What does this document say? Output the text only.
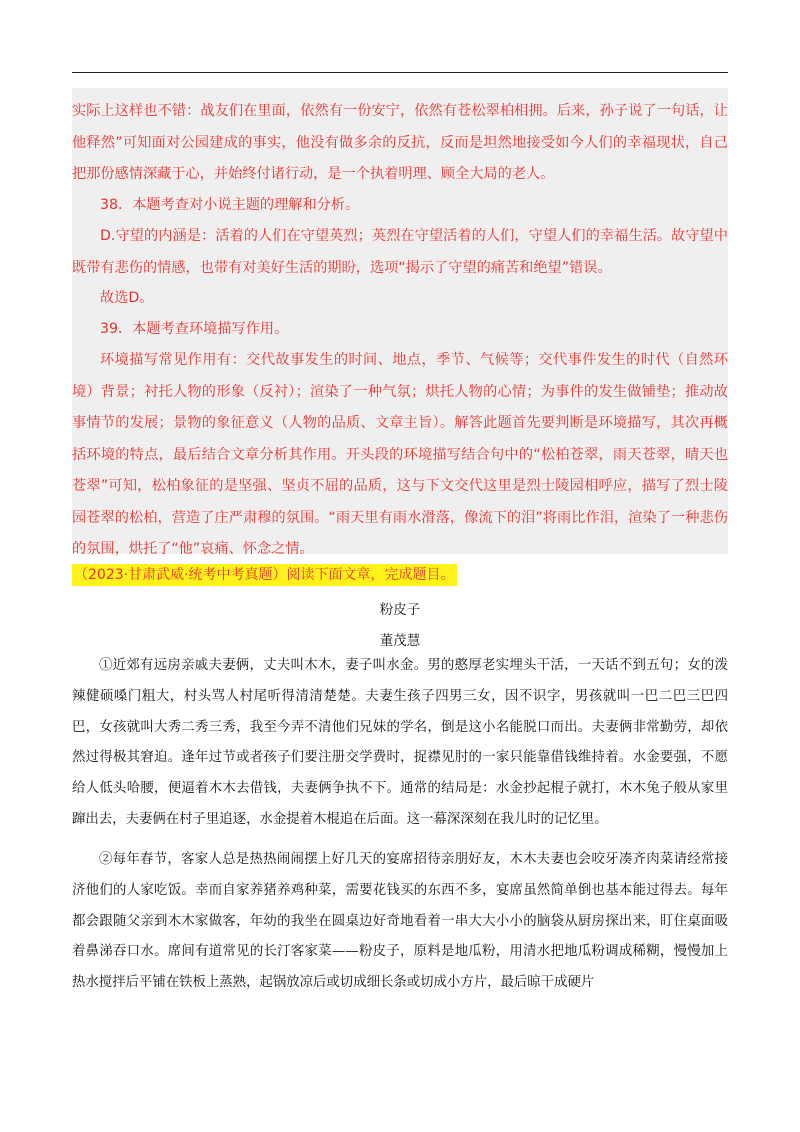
实际上这样也不错：战友们在里面，依然有一份安宁，依然有苍松翠柏相拥。后来，孙子说了一句话，让他释然”可知面对公园建成的事实，他没有做多余的反抗，反而是坦然地接受如今人们的幸福现状，自己把那份感情深藏于心，并始终付诸行动，是一个执着明理、顾全大局的老人。

38．本题考查对小说主题的理解和分析。

D.守望的内涵是：活着的人们在守望英烈；英烈在守望活着的人们，守望人们的幸福生活。故守望中既带有悲伤的情感，也带有对美好生活的期盼，选项“揭示了守望的痛苦和绝望”错误。

故选D。

39．本题考查环境描写作用。

环境描写常见作用有：交代故事发生的时间、地点，季节、气候等；交代事件发生的时代（自然环境）背景；衬托人物的形象（反衬）；渲染了一种气氛；烘托人物的心情；为事件的发生做铺垫；推动故事情节的发展；景物的象征意义（人物的品质、文章主旨）。解答此题首先要判断是环境描写，其次再概括环境的特点，最后结合文章分析其作用。开头段的环境描写结合句中的“松柏苍翠，雨天苍翠，晴天也苍翠”可知，松柏象征的是坚强、坚贞不屈的品质，这与下文交代这里是烈士陵园相呼应，描写了烈士陵园苍翠的松柏，营造了庄严肃穆的氛围。“雨天里有雨水滑落，像流下的泪”将雨比作泪，渲染了一种悲伤的氛围，烘托了“他”哀痛、怀念之情。

（2023·甘肃武威·统考中考真题）阅读下面文章，完成题目。
粉皮子
董茂慧

①近郊有远房亲戚夫妻俩，丈夫叫木木，妻子叫水金。男的憨厚老实埋头干活，一天话不到五句；女的泼辣健硕嗓门粗大，村头骂人村尾听得清清楚楚。夫妻生孩子四男三女，因不识字，男孩就叫一巴二巴三巴四巴，女孩就叫大秀二秀三秀，我至今弄不清他们兄妹的学名，倒是这小名能脱口而出。夫妻俩非常勤劳，却依然过得极其窘迫。逢年过节或者孩子们要注册交学费时，捉襟见肘的一家只能靠借钱维持着。水金要强，不愿给人低头哈腰，便逼着木木去借钱，夫妻俩争执不下。通常的结局是：水金抄起棍子就打，木木兔子般从家里蹿出去，夫妻俩在村子里追逐，水金提着木棍追在后面。这一幕深深刻在我儿时的记忆里。

②每年春节，客家人总是热热闹闹摆上好几天的宴席招待亲朋好友，木木夫妻也会咬牙凑齐肉菜请经常接济他们的人家吃饭。幸而自家养猪养鸡种菜，需要花钱买的东西不多，宴席虽然简单倒也基本能过得去。每年都会跟随父亲到木木家做客，年幼的我坐在圆桌边好奇地看着一串大大小小的脑袋从厨房探出来，盯住桌面吸着鼻涕吞口水。席间有道常见的长汀客家菜——粉皮子，原料是地瓜粉，用清水把地瓜粉调成稀糊，慢慢加上热水搅拌后平铺在铁板上蒸熟，起锅放凉后或切成细长条或切成小方片，最后晾干成硬片
